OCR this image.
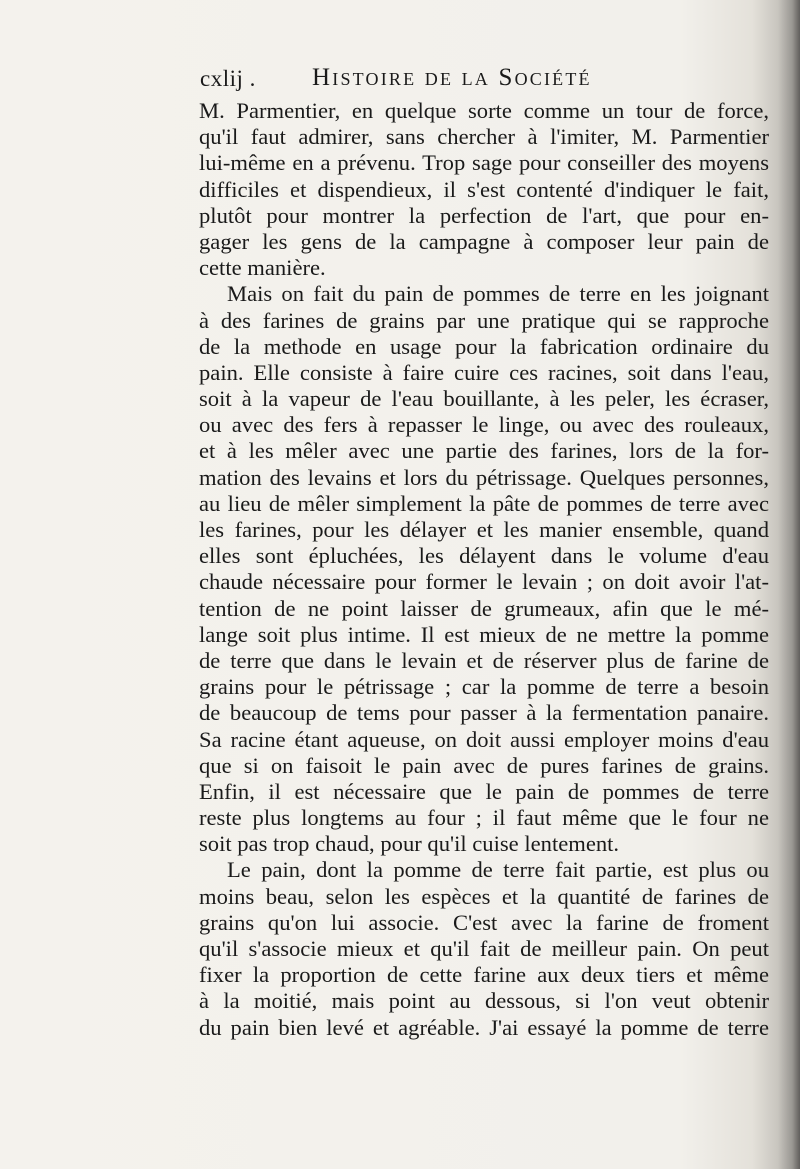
cxlij . Histoire de la Société
M. Parmentier, en quelque sorte comme un tour de force,
qu'il faut admirer, sans chercher à l'imiter, M. Parmentier
lui-même en a prévenu. Trop sage pour conseiller des moyens
difficiles et dispendieux, il s'est contenté d'indiquer le fait,
plutôt pour montrer la perfection de l'art, que pour en-
gager les gens de la campagne à composer leur pain de
cette manière.
Mais on fait du pain de pommes de terre en les joignant
à des farines de grains par une pratique qui se rapproche
de la methode en usage pour la fabrication ordinaire du
pain. Elle consiste à faire cuire ces racines, soit dans l'eau,
soit à la vapeur de l'eau bouillante, à les peler, les écraser,
ou avec des fers à repasser le linge, ou avec des rouleaux,
et à les mêler avec une partie des farines, lors de la for-
mation des levains et lors du pétrissage. Quelques personnes,
au lieu de mêler simplement la pâte de pommes de terre avec
les farines, pour les délayer et les manier ensemble, quand
elles sont épluchées, les délayent dans le volume d'eau
chaude nécessaire pour former le levain ; on doit avoir l'at-
tention de ne point laisser de grumeaux, afin que le mé-
lange soit plus intime. Il est mieux de ne mettre la pomme
de terre que dans le levain et de réserver plus de farine de
grains pour le pétrissage ; car la pomme de terre a besoin
de beaucoup de tems pour passer à la fermentation panaire.
Sa racine étant aqueuse, on doit aussi employer moins d'eau
que si on faisoit le pain avec de pures farines de grains.
Enfin, il est nécessaire que le pain de pommes de terre
reste plus longtems au four ; il faut même que le four ne
soit pas trop chaud, pour qu'il cuise lentement.
Le pain, dont la pomme de terre fait partie, est plus ou
moins beau, selon les espèces et la quantité de farines de
grains qu'on lui associe. C'est avec la farine de froment
qu'il s'associe mieux et qu'il fait de meilleur pain. On peut
fixer la proportion de cette farine aux deux tiers et même
à la moitié, mais point au dessous, si l'on veut obtenir
du pain bien levé et agréable. J'ai essayé la pomme de terre
